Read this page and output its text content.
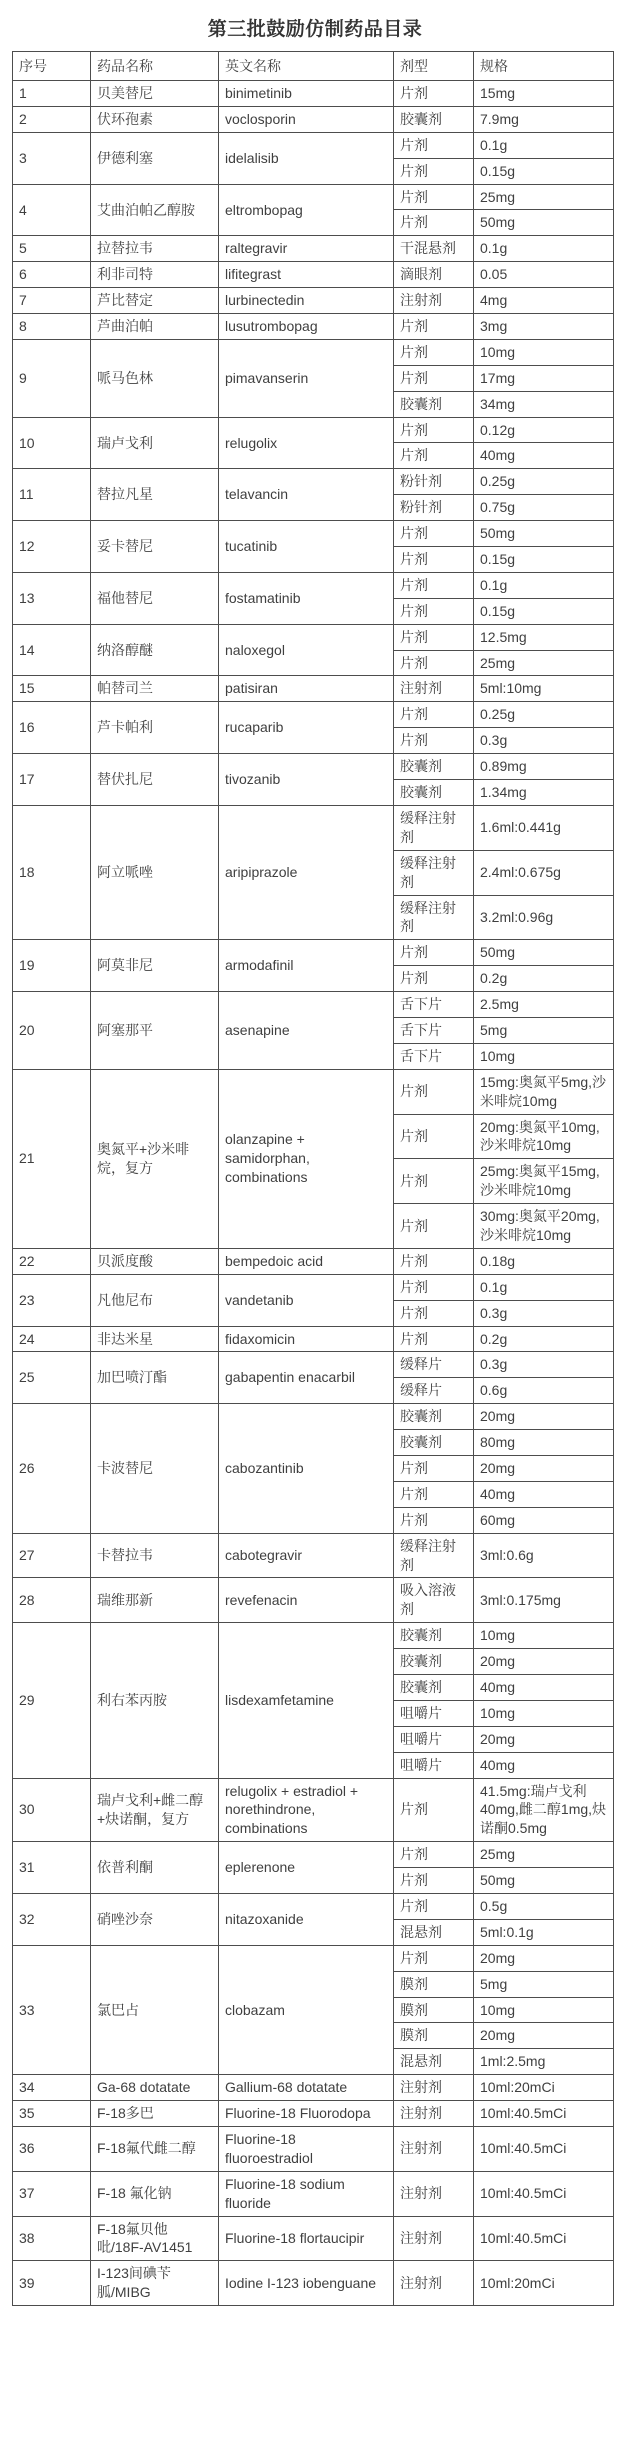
第三批鼓励仿制药品目录
序号	药品名称	英文名称	剂型	规格
1	贝美替尼	binimetinib	片剂	15mg
2	伏环孢素	voclosporin	胶囊剂	7.9mg
3	伊德利塞	idelalisib	片剂	0.1g
			片剂	0.15g
4	艾曲泊帕乙醇胺	eltrombopag	片剂	25mg
			片剂	50mg
5	拉替拉韦	raltegravir	干混悬剂	0.1g
6	利非司特	lifitegrast	滴眼剂	0.05
7	芦比替定	lurbinectedin	注射剂	4mg
8	芦曲泊帕	lusutrombopag	片剂	3mg
9	哌马色林	pimavanserin	片剂	10mg
			片剂	17mg
			胶囊剂	34mg
10	瑞卢戈利	relugolix	片剂	0.12g
			片剂	40mg
11	替拉凡星	telavancin	粉针剂	0.25g
			粉针剂	0.75g
12	妥卡替尼	tucatinib	片剂	50mg
			片剂	0.15g
13	福他替尼	fostamatinib	片剂	0.1g
			片剂	0.15g
14	纳洛醇醚	naloxegol	片剂	12.5mg
			片剂	25mg
15	帕替司兰	patisiran	注射剂	5ml:10mg
16	芦卡帕利	rucaparib	片剂	0.25g
			片剂	0.3g
17	替伏扎尼	tivozanib	胶囊剂	0.89mg
			胶囊剂	1.34mg
18	阿立哌唑	aripiprazole	缓释注射剂	1.6ml:0.441g
			缓释注射剂	2.4ml:0.675g
			缓释注射剂	3.2ml:0.96g
19	阿莫非尼	armodafinil	片剂	50mg
			片剂	0.2g
20	阿塞那平	asenapine	舌下片	2.5mg
			舌下片	5mg
			舌下片	10mg
21	奥氮平+沙米啡烷，复方	olanzapine + samidorphan, combinations	片剂	15mg:奥氮平5mg,沙米啡烷10mg
			片剂	20mg:奥氮平10mg,沙米啡烷10mg
			片剂	25mg:奥氮平15mg,沙米啡烷10mg
			片剂	30mg:奥氮平20mg,沙米啡烷10mg
22	贝派度酸	bempedoic acid	片剂	0.18g
23	凡他尼布	vandetanib	片剂	0.1g
			片剂	0.3g
24	非达米星	fidaxomicin	片剂	0.2g
25	加巴喷汀酯	gabapentin enacarbil	缓释片	0.3g
			缓释片	0.6g
26	卡波替尼	cabozantinib	胶囊剂	20mg
			胶囊剂	80mg
			片剂	20mg
			片剂	40mg
			片剂	60mg
27	卡替拉韦	cabotegravir	缓释注射剂	3ml:0.6g
28	瑞维那新	revefenacin	吸入溶液剂	3ml:0.175mg
29	利右苯丙胺	lisdexamfetamine	胶囊剂	10mg
			胶囊剂	20mg
			胶囊剂	40mg
			咀嚼片	10mg
			咀嚼片	20mg
			咀嚼片	40mg
30	瑞卢戈利+雌二醇+炔诺酮，复方	relugolix + estradiol + norethindrone, combinations	片剂	41.5mg:瑞卢戈利40mg,雌二醇1mg,炔诺酮0.5mg
31	依普利酮	eplerenone	片剂	25mg
			片剂	50mg
32	硝唑沙奈	nitazoxanide	片剂	0.5g
			混悬剂	5ml:0.1g
33	氯巴占	clobazam	片剂	20mg
			膜剂	5mg
			膜剂	10mg
			膜剂	20mg
			混悬剂	1ml:2.5mg
34	Ga-68 dotatate	Gallium-68 dotatate	注射剂	10ml:20mCi
35	F-18多巴	Fluorine-18 Fluorodopa	注射剂	10ml:40.5mCi
36	F-18氟代雌二醇	Fluorine-18 fluoroestradiol	注射剂	10ml:40.5mCi
37	F-18 氟化钠	Fluorine-18 sodium fluoride	注射剂	10ml:40.5mCi
38	F-18氟贝他吡/18F-AV1451	Fluorine-18 flortaucipir	注射剂	10ml:40.5mCi
39	I-123间碘苄胍/MIBG	Iodine I-123 iobenguane	注射剂	10ml:20mCi
